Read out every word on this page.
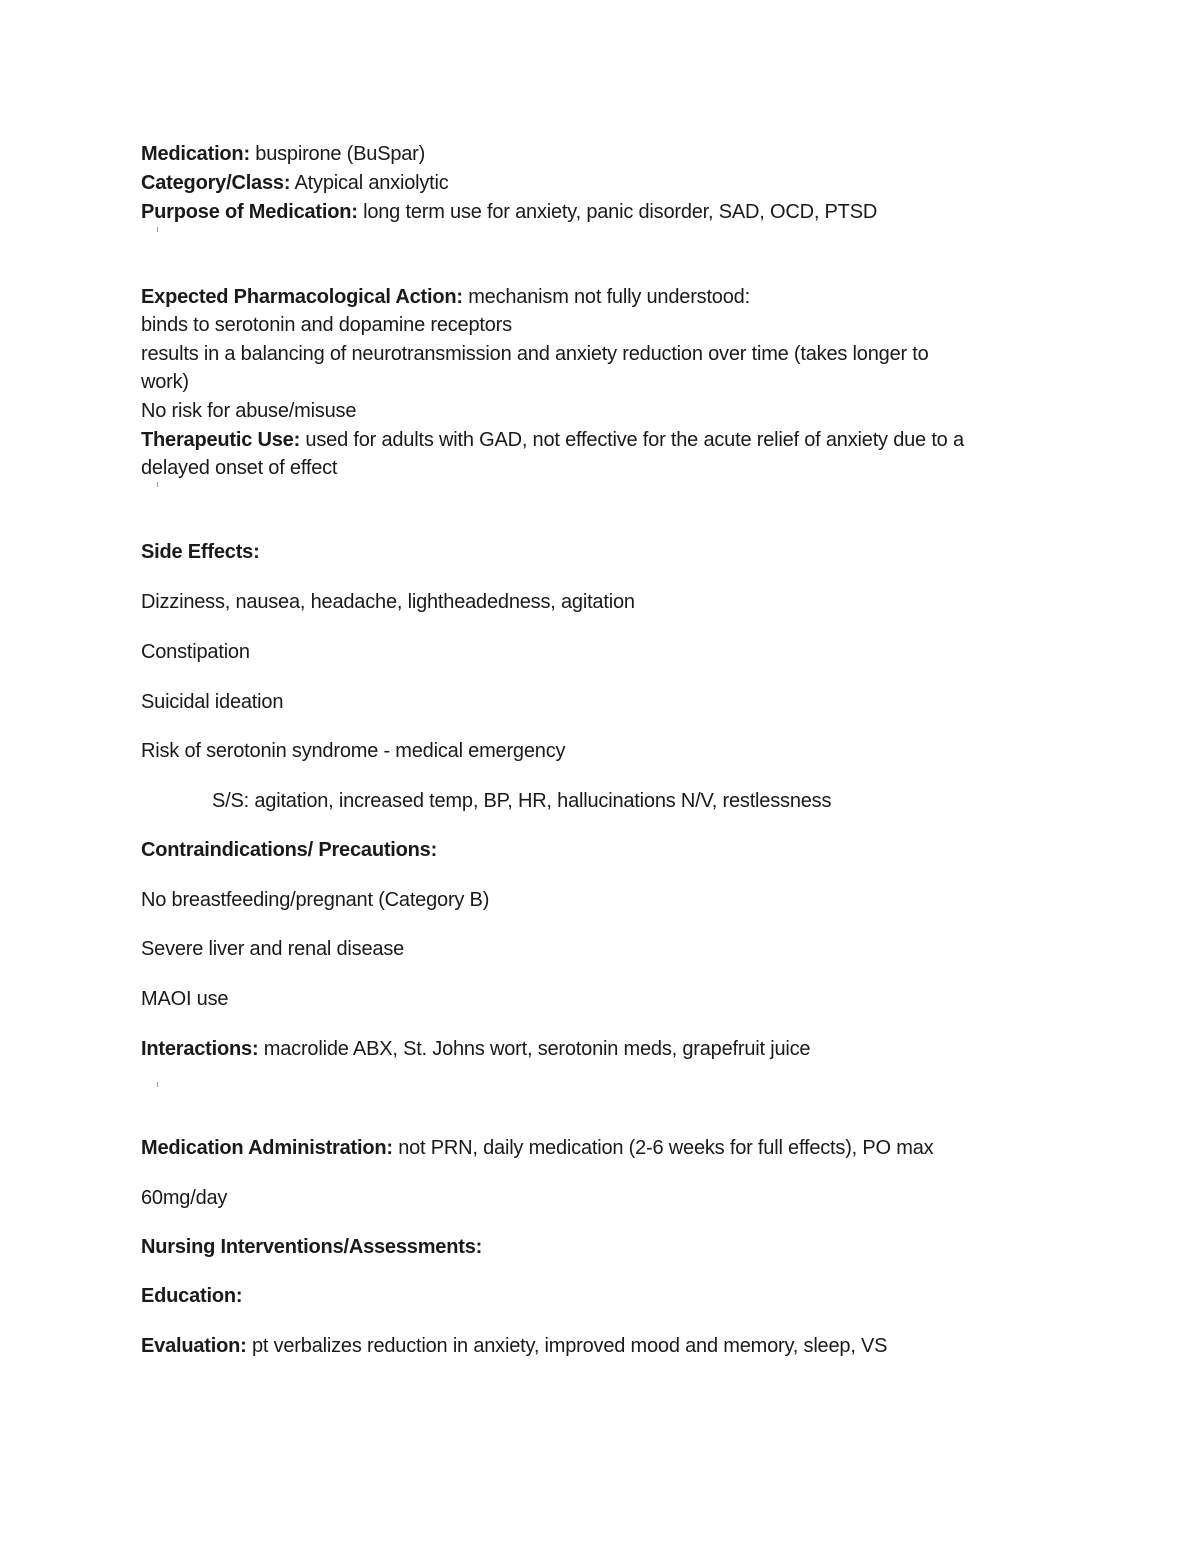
Medication: buspirone (BuSpar)
Category/Class: Atypical anxiolytic
Purpose of Medication: long term use for anxiety, panic disorder, SAD, OCD, PTSD
Expected Pharmacological Action: mechanism not fully understood:
binds to serotonin and dopamine receptors
results in a balancing of neurotransmission and anxiety reduction over time (takes longer to
work)
No risk for abuse/misuse
Therapeutic Use: used for adults with GAD, not effective for the acute relief of anxiety due to a
delayed onset of effect
Side Effects:
Dizziness, nausea, headache, lightheadedness, agitation
Constipation
Suicidal ideation
Risk of serotonin syndrome - medical emergency
S/S: agitation, increased temp, BP, HR, hallucinations N/V, restlessness
Contraindications/ Precautions:
No breastfeeding/pregnant (Category B)
Severe liver and renal disease
MAOI use
Interactions: macrolide ABX, St. Johns wort, serotonin meds, grapefruit juice
Medication Administration: not PRN, daily medication (2-6 weeks for full effects), PO max
60mg/day
Nursing Interventions/Assessments:
Education:
Evaluation: pt verbalizes reduction in anxiety, improved mood and memory, sleep, VS
